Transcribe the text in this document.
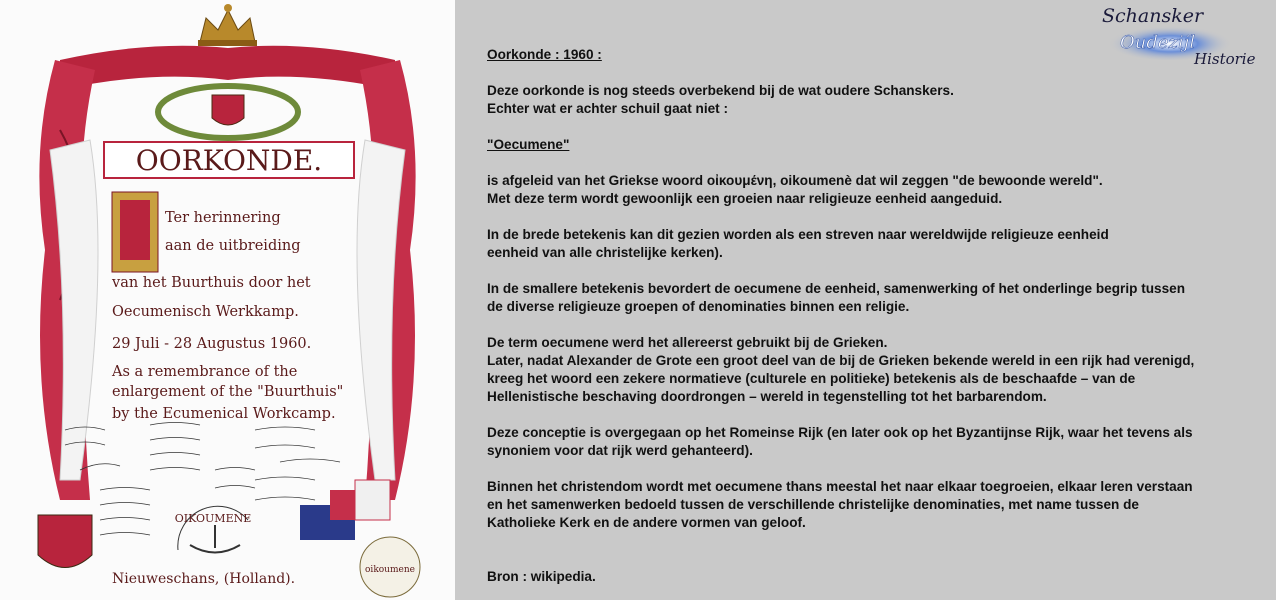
OORKONDE.
Ter herinnering
aan de uitbreiding
van het Buurthuis door het
Oecumenisch Werkkamp.
29 Juli - 28 Augustus 1960.
As a remembrance of the
enlargement of the "Buurthuis"
by the Ecumenical Workcamp.
OIKOUMENE
oikoumene
Nieuweschans, (Holland).

Oorkonde : 1960 :

Deze oorkonde is nog steeds overbekend bij de wat oudere Schanskers.

Echter wat er achter schuil gaat niet :

"Oecumene"

is afgeleid van het Griekse woord οἰκουμένη, oikoumenè dat wil zeggen "de bewoonde wereld".

Met deze term wordt gewoonlijk een groeien naar religieuze eenheid aangeduid.

In de brede betekenis kan dit gezien worden als een streven naar wereldwijde religieuze eenheid

eenheid van alle christelijke kerken).

In de smallere betekenis bevordert de oecumene de eenheid, samenwerking of het onderlinge begrip tussen

de diverse religieuze groepen of denominaties binnen een religie.

De term oecumene werd het allereerst gebruikt bij de Grieken.

Later, nadat Alexander de Grote een groot deel van de bij de Grieken bekende wereld in een rijk had verenigd,

kreeg het woord een zekere normatieve (culturele en politieke) betekenis als de beschaafde – van de

Hellenistische beschaving doordrongen – wereld in tegenstelling tot het barbarendom.

Deze conceptie is overgegaan op het Romeinse Rijk (en later ook op het Byzantijnse Rijk, waar het tevens als

synoniem voor dat rijk werd gehanteerd).

Binnen het christendom wordt met oecumene thans meestal het naar elkaar toegroeien, elkaar leren verstaan

en het samenwerken bedoeld tussen de verschillende christelijke denominaties, met name tussen de

Katholieke Kerk en de andere vormen van geloof.

Bron : wikipedia.

Schansker
Oudezijl
Historie
